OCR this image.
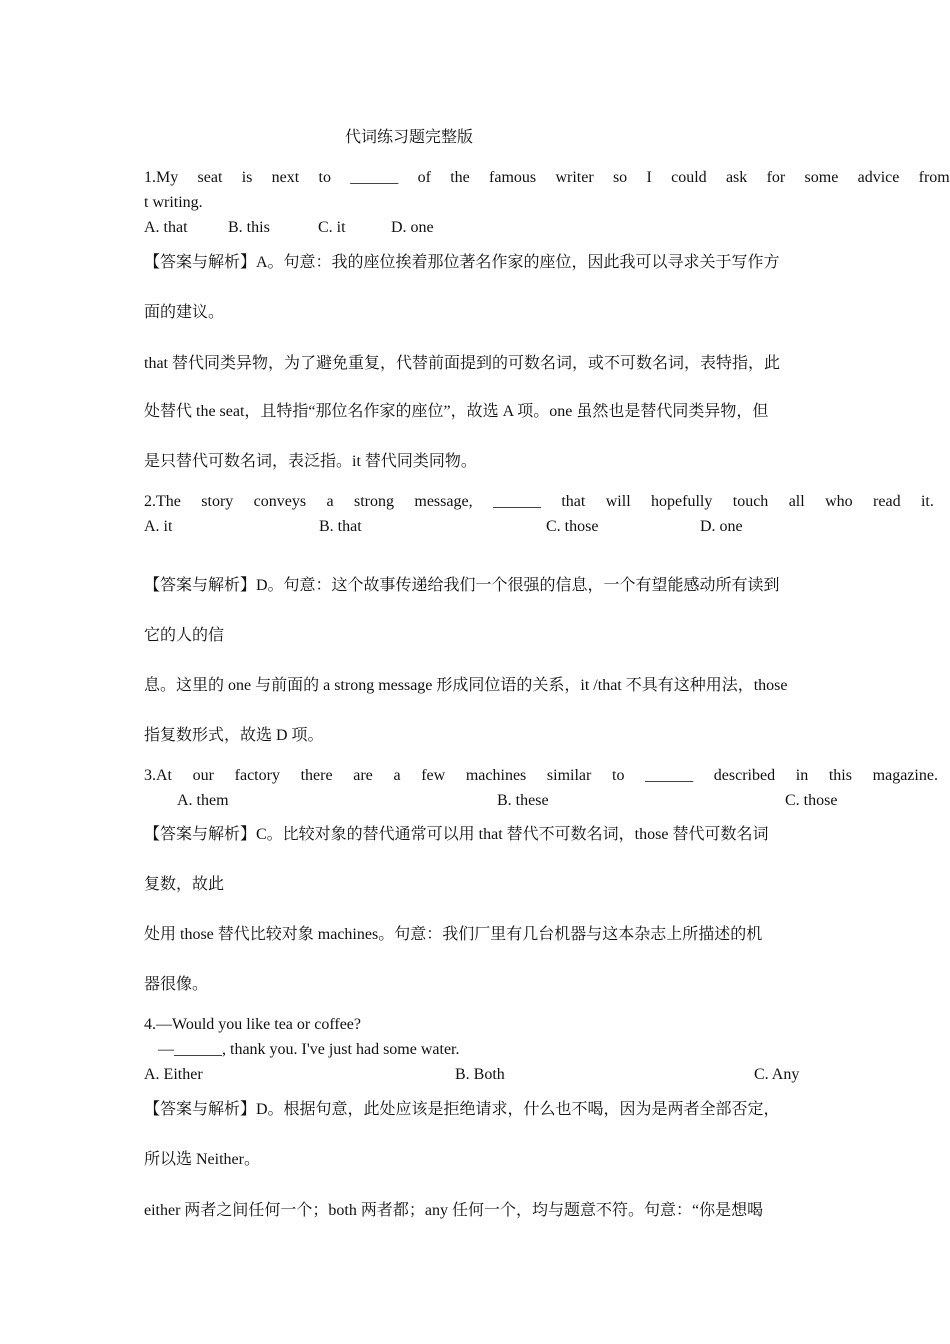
代词练习题完整版
1.My seat is next to ______ of the famous writer so I could ask for some advice from
t writing.
A. that	B. this	C. it	D. one
【答案与解析】A。句意：我的座位挨着那位著名作家的座位，因此我可以寻求关于写作方
面的建议。
that 替代同类异物，为了避免重复，代替前面提到的可数名词，或不可数名词，表特指，此
处替代 the seat，且特指“那位名作家的座位”，故选 A 项。one 虽然也是替代同类异物，但
是只替代可数名词，表泛指。it 替代同类同物。
2.The story conveys a strong message, ______ that will hopefully touch all who read it.
A. it	B. that	C. those	D. one
【答案与解析】D。句意：这个故事传递给我们一个很强的信息，一个有望能感动所有读到
它的人的信
息。这里的 one 与前面的 a strong message 形成同位语的关系，it /that 不具有这种用法，those
指复数形式，故选 D 项。
3.At our factory there are a few machines similar to ______ described in this magazine.
A. them	B. these	C. those
【答案与解析】C。比较对象的替代通常可以用 that 替代不可数名词，those 替代可数名词
复数，故此
处用 those 替代比较对象 machines。句意：我们厂里有几台机器与这本杂志上所描述的机
器很像。
4.—Would you like tea or coffee?
—______, thank you. I've just had some water.
A. Either	B. Both	C. Any
【答案与解析】D。根据句意，此处应该是拒绝请求，什么也不喝，因为是两者全部否定，
所以选 Neither。
either 两者之间任何一个；both 两者都；any 任何一个，均与题意不符。句意：“你是想喝
